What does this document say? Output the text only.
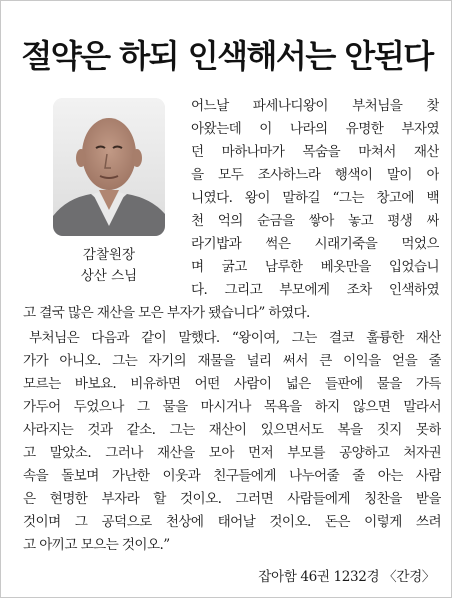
절약은 하되 인색해서는 안된다
감찰원장
상산 스님

어느날 파세나디왕이 부처님을 찾

아왔는데 이 나라의 유명한 부자였

던 마하나마가 목숨을 마쳐서 재산

을 모두 조사하느라 행색이 말이 아

니였다. 왕이 말하길 “그는 창고에 백

천 억의 순금을 쌓아 놓고 평생 싸

라기밥과 썩은 시래기죽을 먹었으

며 굵고 남루한 베옷만을 입었습니

다. 그리고 부모에게 조차 인색하였

고 결국 많은 재산을 모은 부자가 됐습니다” 하였다.

부처님은 다음과 같이 말했다. “왕이여, 그는 결코 훌륭한 재산

가가 아니오. 그는 자기의 재물을 널리 써서 큰 이익을 얻을 줄

모르는 바보요. 비유하면 어떤 사람이 넓은 들판에 물을 가득

가두어 두었으나 그 물을 마시거나 목욕을 하지 않으면 말라서

사라지는 것과 같소. 그는 재산이 있으면서도 복을 짓지 못하

고 말았소. 그러나 재산을 모아 먼저 부모를 공양하고 처자권

속을 돌보며 가난한 이웃과 친구들에게 나누어줄 줄 아는 사람

은 현명한 부자라 할 것이오. 그러면 사람들에게 칭찬을 받을

것이며 그 공덕으로 천상에 태어날 것이오. 돈은 이렇게 쓰려

고 아끼고 모으는 것이오.”

잡아함 46권 1232경 〈간경〉
